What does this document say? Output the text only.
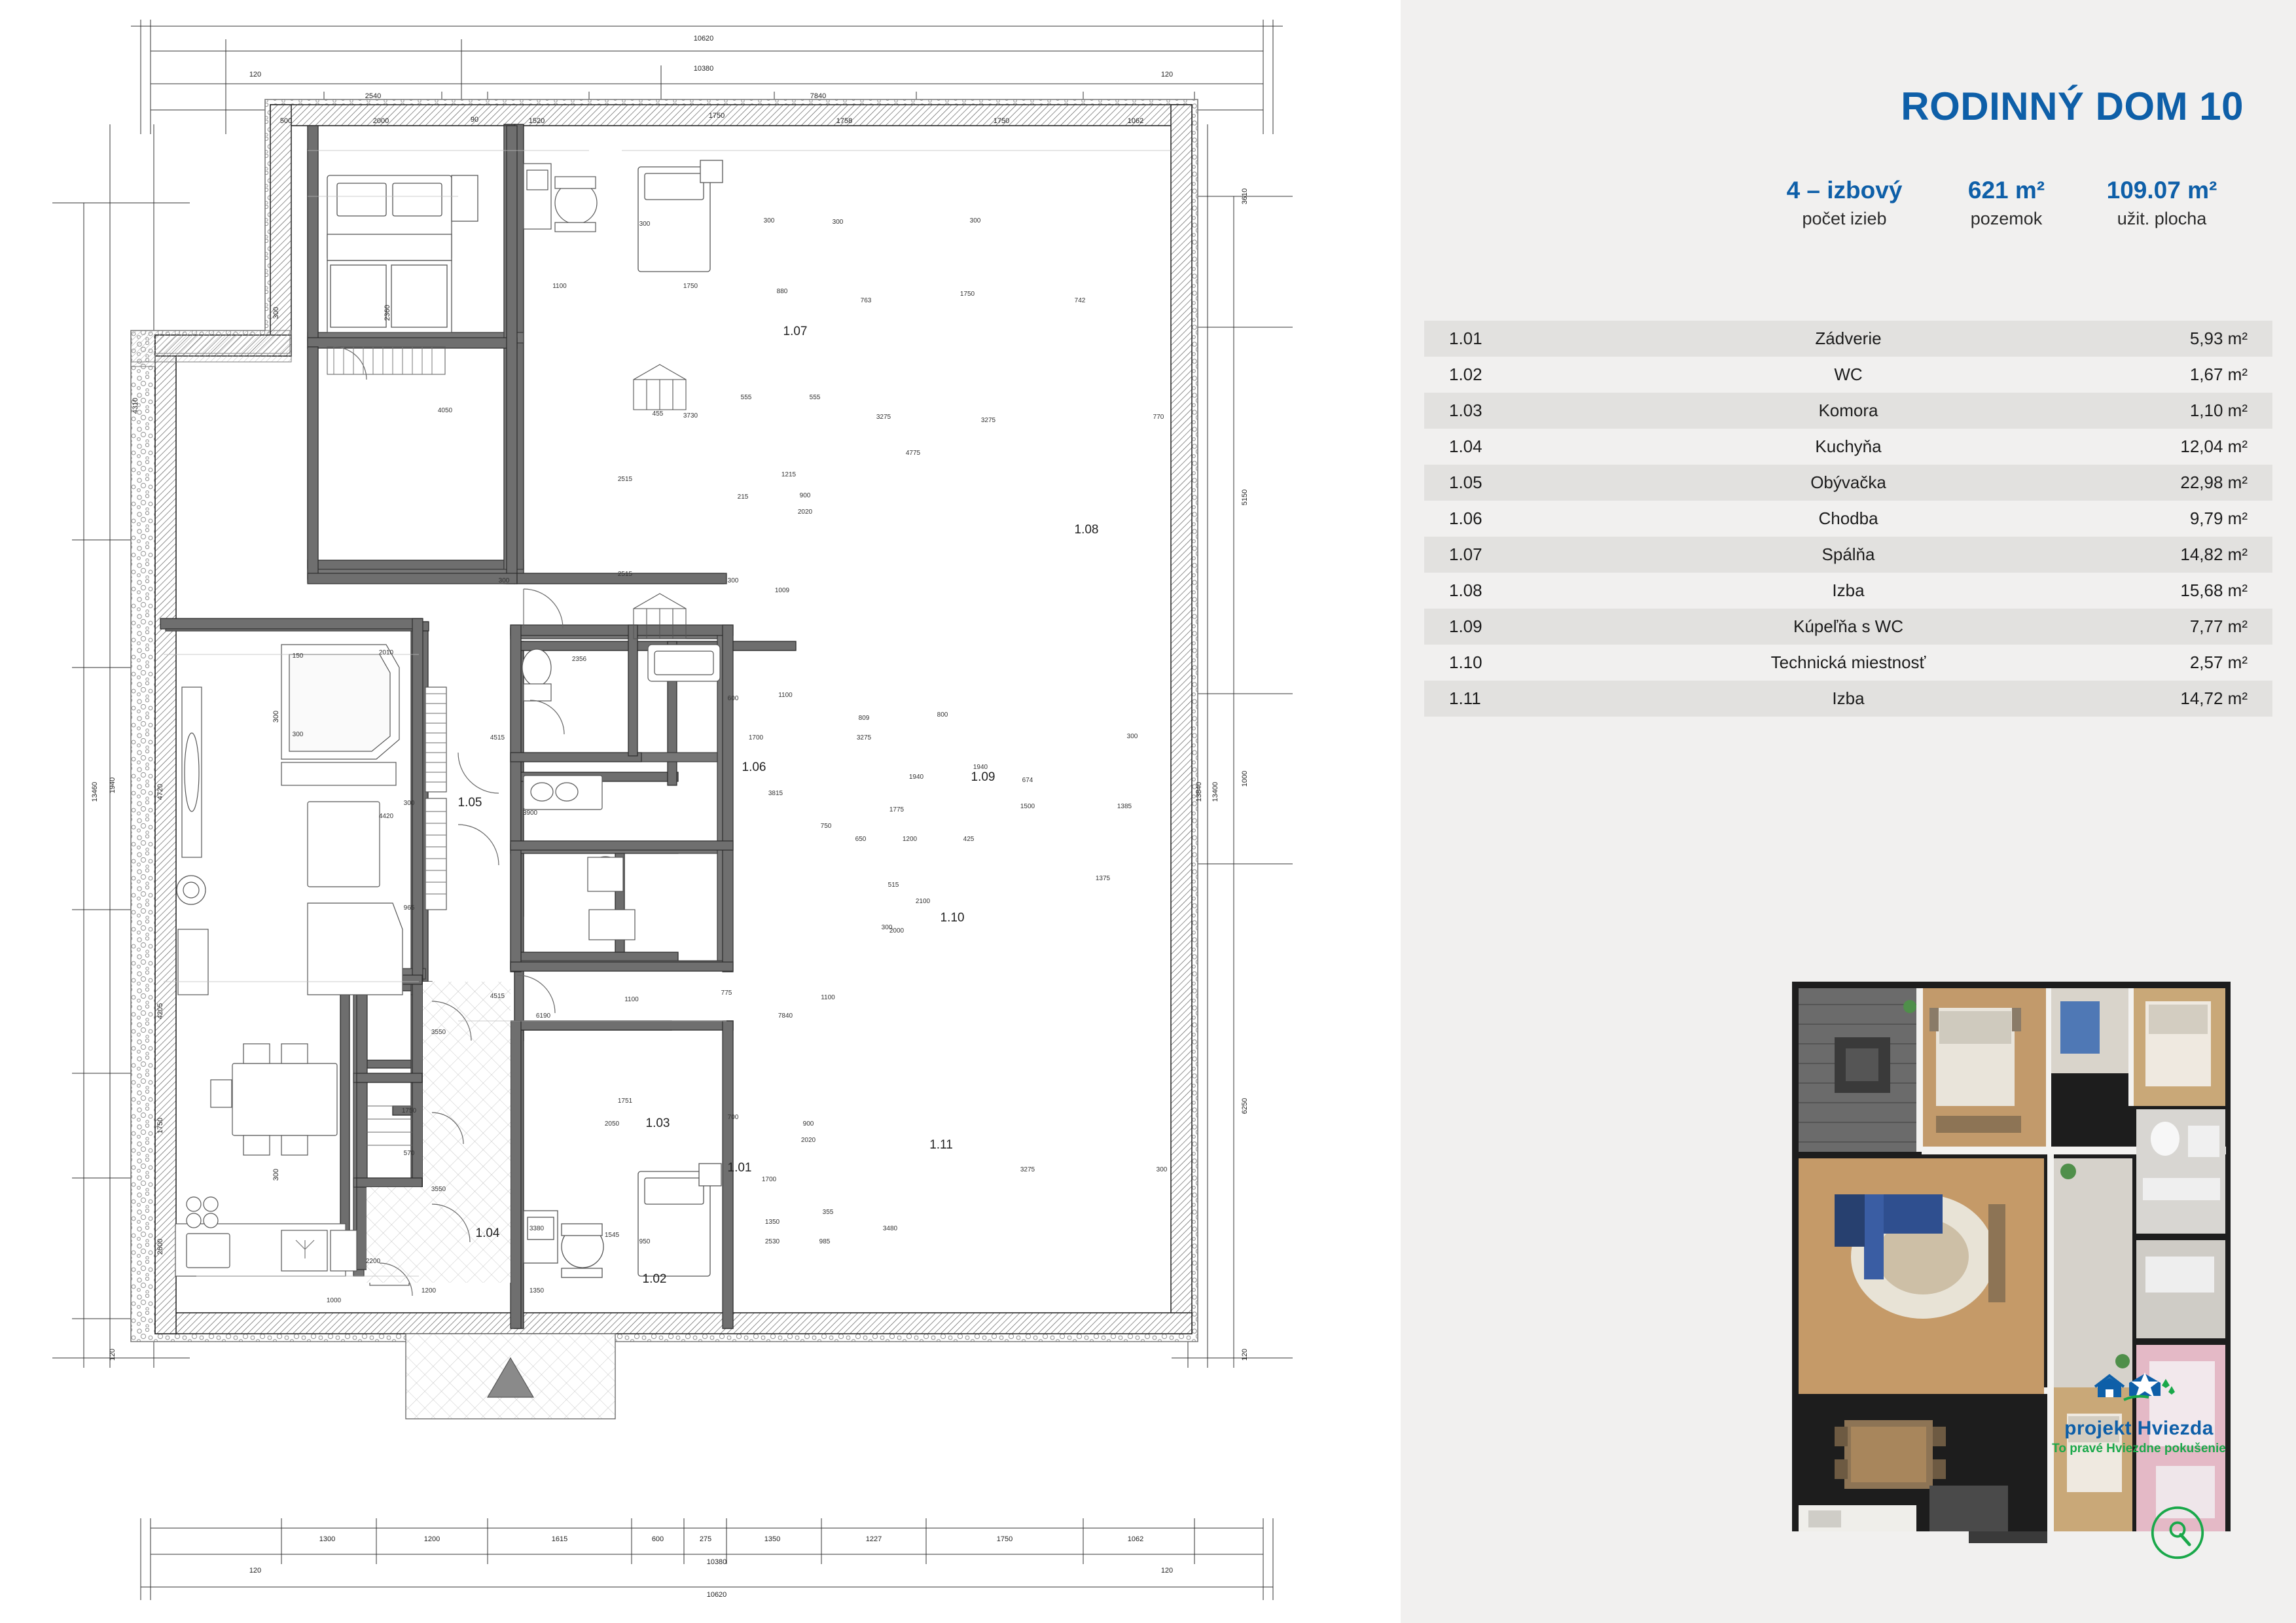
1.01
1.02
1.03
1.04
1.05
1.06
1.07
1.08
1.09
1.10
1.11
10620
10380
120	120
2540	7840
500	2000	90	1520
1750
1758	1750	1062
1300	1200	1615	600	275	1350	1227	1750	1062
120	120
10380
10620
4310
300	2360
300
4720
1940
13460
4205
1750
300
2600
120
3610
5150
1000
13400
13840
6250
120
1100	1750
880
763
1750
742
300	300	300	300
4050
555	555
3275
4775
3275	770
3730
455
2515
1215
215	900
2020
300
2515
300
1009
150	2010
2356
300	4515
600	1100
1700
809
3275
800
300
300
4420	3900
3815
1940
1940
674
1775	1500	1385
750
650	1200	425
515
2100
2000
300
1375
965
4515
6190
3550
1100
775
7840
1100
1750
570
1751
2050
700
900
2020
3275	300
3550
1700
3380
1545
950
1350
2530
355
2200
1000
1200	1350
3480
985
RODINNÝ DOM 10
4 – izbový
počet izieb
621 m²
pozemok
109.07 m²
užit. plocha
1.01	Zádverie	5,93 m²
1.02	WC	1,67 m²
1.03	Komora	1,10 m²
1.04	Kuchyňa	12,04 m²
1.05	Obývačka	22,98 m²
1.06	Chodba	9,79 m²
1.07	Spálňa	14,82 m²
1.08	Izba	15,68 m²
1.09	Kúpeľňa s WC	7,77 m²
1.10	Technická miestnosť	2,57 m²
1.11	Izba	14,72 m²
projekt Hviezda
To pravé Hviezdne pokušenie
